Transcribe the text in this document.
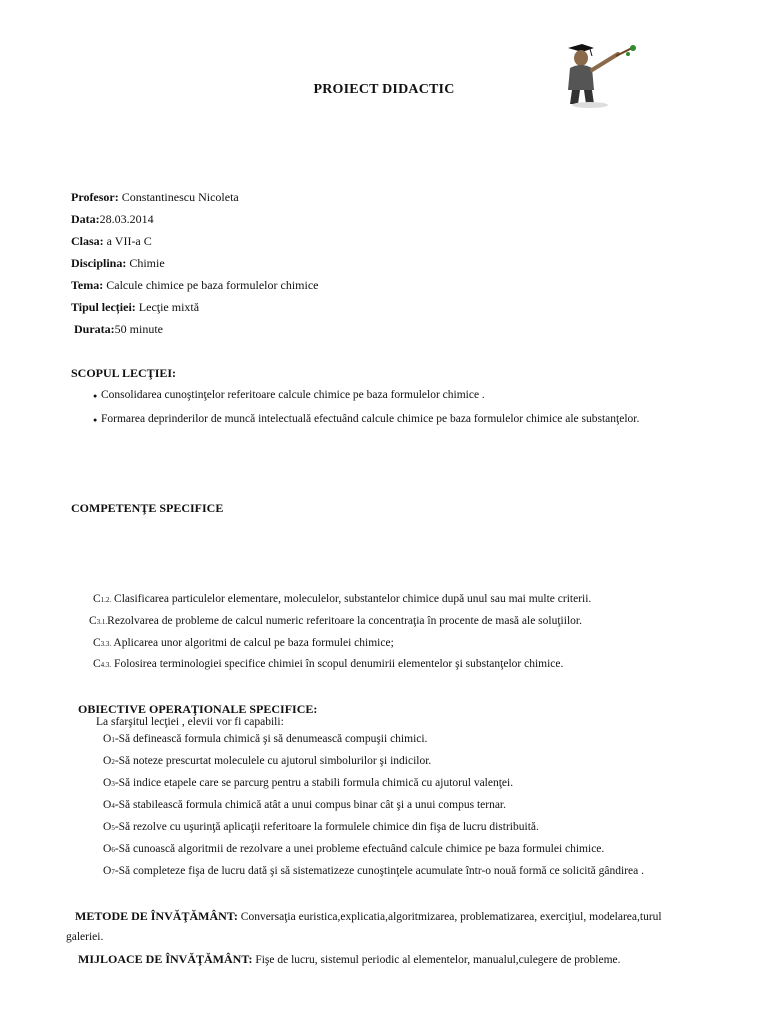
PROIECT DIDACTIC
Profesor: Constantinescu Nicoleta
Data:28.03.2014
Clasa: a VII-a C
Disciplina: Chimie
Tema: Calcule chimice pe baza formulelor chimice
Tipul lecției: Lecţie mixtă
Durata:50 minute
SCOPUL LECŢIEI:
● Consolidarea cunoştinţelor referitoare calcule chimice pe baza formulelor chimice .
● Formarea deprinderilor de muncă intelectuală efectuând calcule chimice pe baza formulelor chimice ale substanţelor.
COMPETENŢE SPECIFICE
C1.2. Clasificarea particulelor elementare, moleculelor, substantelor chimice după unul sau mai multe criterii.
C3.1.Rezolvarea de probleme de calcul numeric referitoare la concentraţia în procente de masă ale soluţiilor.
C3.3. Aplicarea unor algoritmi de calcul pe baza formulei chimice;
C4.3. Folosirea terminologiei specifice chimiei în scopul denumirii elementelor şi substanţelor chimice.
OBIECTIVE OPERAŢIONALE SPECIFICE:
La sfarşitul lecţiei , elevii vor fi capabili:
O1-Să definească formula chimică şi să denumească compuşii chimici.
O2-Să noteze prescurtat moleculele cu ajutorul simbolurilor şi indicilor.
O3-Să indice etapele care se parcurg pentru a stabili formula chimică cu ajutorul valenţei.
O4-Să stabilească formula chimică atât a unui compus binar cât şi a unui compus ternar.
O5-Să rezolve cu uşurinţă aplicaţii referitoare la formulele chimice din fişa de lucru distribuită.
O6-Să cunoască algoritmii de rezolvare a unei probleme efectuând calcule chimice pe baza formulei chimice.
O7-Să completeze fişa de lucru dată şi să sistematizeze cunoştinţele acumulate într-o nouă formă ce solicită gândirea .
METODE DE ÎNVĂŢĂMÂNT: Conversaţia euristica,explicatia,algoritmizarea, problematizarea, exerciţiul, modelarea,turul
galeriei.
MIJLOACE DE ÎNVĂŢĂMÂNT: Fişe de lucru, sistemul periodic al elementelor, manualul,culegere de probleme.
